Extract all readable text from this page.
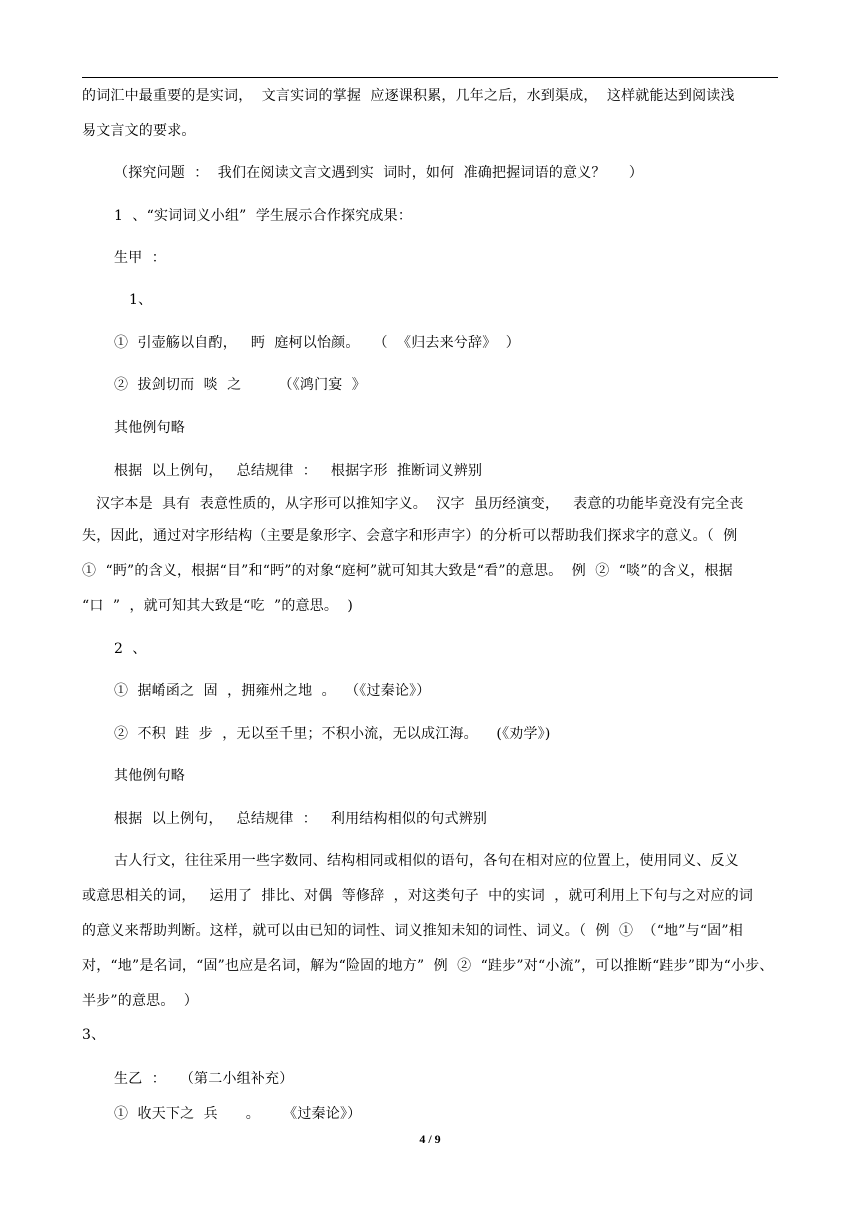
的词汇中最重要的是实词，  文言实词的掌握  应逐课积累，几年之后，水到渠成，  这样就能达到阅读浅
易文言文的要求。
（探究问题  ：  我们在阅读文言文遇到实  词时，如何  准确把握词语的意义？     ）
1  、“实词词义小组”  学生展示合作探究成果：
生甲  ：
1、
①  引壶觞以自酌，   眄  庭柯以怡颜。   （  《归去来兮辞》  ）
②  拔剑切而  啖  之        （《鸿门宴  》
其他例句略
根据  以上例句，   总结规律  ：   根据字形  推断词义辨别
汉字本是  具有  表意性质的，从字形可以推知字义。  汉字  虽历经演变，   表意的功能毕竟没有完全丧
失，因此，通过对字形结构（主要是象形字、会意字和形声字）的分析可以帮助我们探求字的意义。（  例
①  “眄”的含义，根据“目”和“眄”的对象“庭柯”就可知其大致是“看”的意思。  例  ②  “啖”的含义，根据
“口  ”  ，就可知其大致是“吃  ”的意思。  )
2  、
①  据崤函之  固  ，拥雍州之地  。  （《过秦论》）
②  不积  跬  步  ，无以至千里；不积小流，无以成江海。    (《劝学》)
其他例句略
根据  以上例句，   总结规律  ：   利用结构相似的句式辨别
古人行文，往往采用一些字数同、结构相同或相似的语句，各句在相对应的位置上，使用同义、反义
或意思相关的词，   运用了  排比、对偶  等修辞  ，对这类句子  中的实词  ，就可利用上下句与之对应的词
的意义来帮助判断。这样，就可以由已知的词性、词义推知未知的词性、词义。（  例  ①  （“地”与“固”相
对，“地”是名词，“固”也应是名词，解为“险固的地方”  例  ②  “跬步”对“小流”，可以推断“跬步”即为“小步、
半步”的意思。  ）
3、
生乙  ：   （第二小组补充）
①  收天下之  兵      。     《过秦论》）
4 / 9
